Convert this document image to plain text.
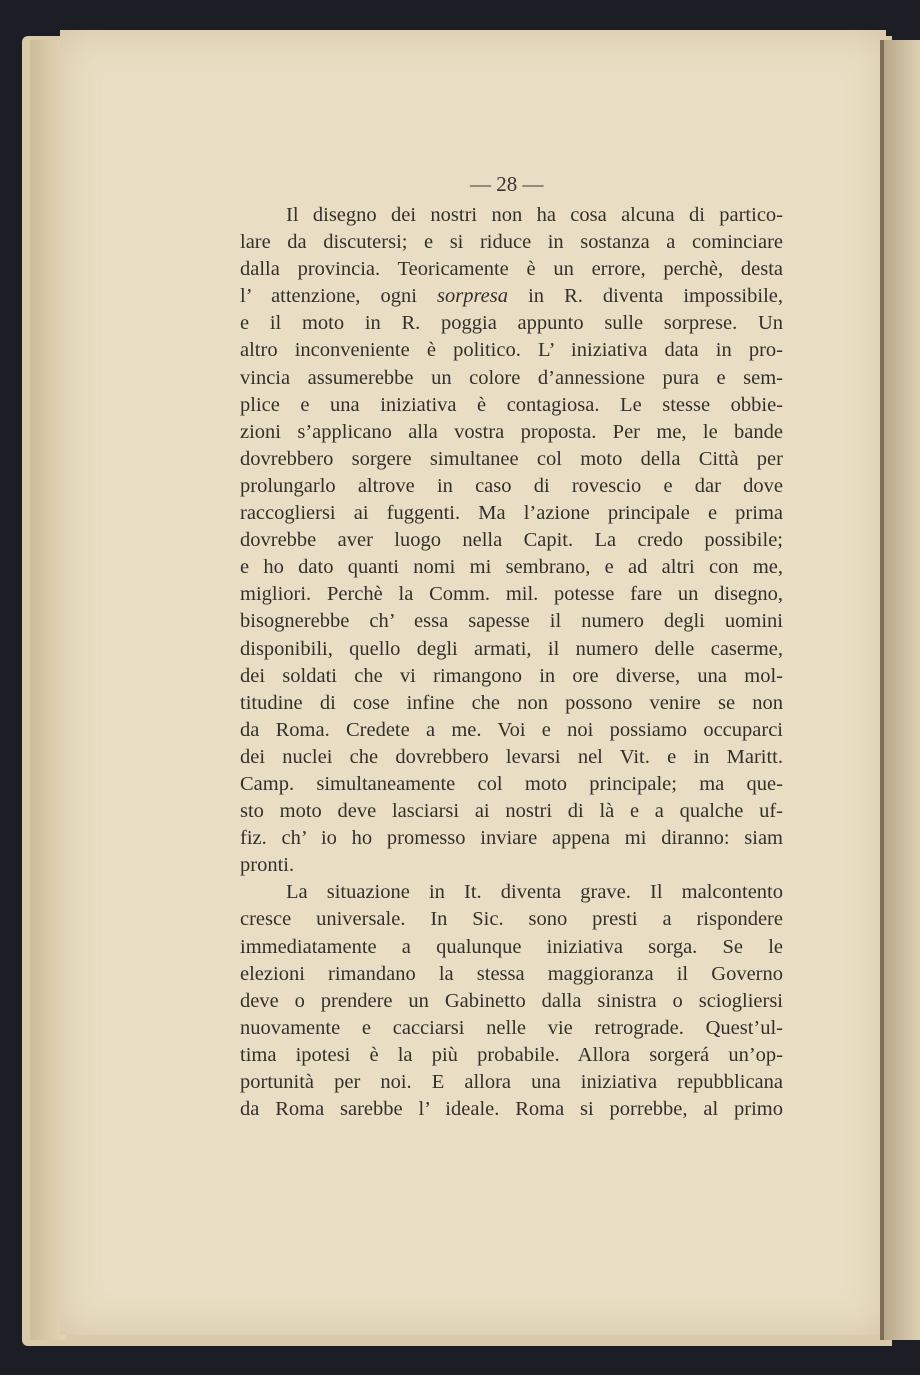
— 28 —
Il disegno dei nostri non ha cosa alcuna di partico-
lare da discutersi; e si riduce in sostanza a cominciare
dalla provincia. Teoricamente è un errore, perchè, desta
l’ attenzione, ogni sorpresa in R. diventa impossibile,
e il moto in R. poggia appunto sulle sorprese. Un
altro inconveniente è politico. L’ iniziativa data in pro-
vincia assumerebbe un colore d’annessione pura e sem-
plice e una iniziativa è contagiosa. Le stesse obbie-
zioni s’applicano alla vostra proposta. Per me, le bande
dovrebbero sorgere simultanee col moto della Città per
prolungarlo altrove in caso di rovescio e dar dove
raccogliersi ai fuggenti. Ma l’azione principale e prima
dovrebbe aver luogo nella Capit. La credo possibile;
e ho dato quanti nomi mi sembrano, e ad altri con me,
migliori. Perchè la Comm. mil. potesse fare un disegno,
bisognerebbe ch’ essa sapesse il numero degli uomini
disponibili, quello degli armati, il numero delle caserme,
dei soldati che vi rimangono in ore diverse, una mol-
titudine di cose infine che non possono venire se non
da Roma. Credete a me. Voi e noi possiamo occuparci
dei nuclei che dovrebbero levarsi nel Vit. e in Maritt.
Camp. simultaneamente col moto principale; ma que-
sto moto deve lasciarsi ai nostri di là e a qualche uf-
fiz. ch’ io ho promesso inviare appena mi diranno: siam
pronti.
La situazione in It. diventa grave. Il malcontento
cresce universale. In Sic. sono presti a rispondere
immediatamente a qualunque iniziativa sorga. Se le
elezioni rimandano la stessa maggioranza il Governo
deve o prendere un Gabinetto dalla sinistra o sciogliersi
nuovamente e cacciarsi nelle vie retrograde. Quest’ul-
tima ipotesi è la più probabile. Allora sorgerá un’op-
portunità per noi. E allora una iniziativa repubblicana
da Roma sarebbe l’ ideale. Roma si porrebbe, al primo
